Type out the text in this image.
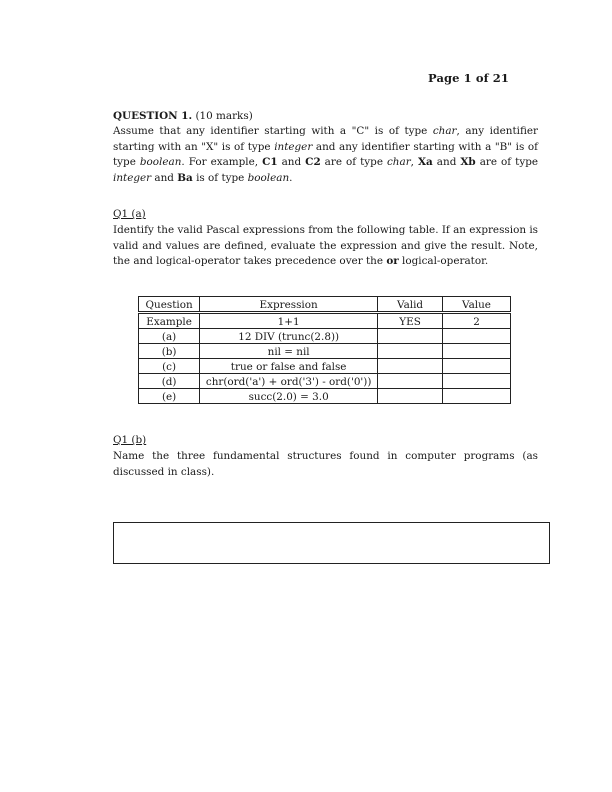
Page 1 of 21
QUESTION 1. (10 marks)
Assume that any identifier starting with a "C" is of type char, any identifier starting with an "X" is of type integer and any identifier starting with a "B" is of type boolean. For example, C1 and C2 are of type char, Xa and Xb are of type integer and Ba is of type boolean.
Q1 (a)
Identify the valid Pascal expressions from the following table. If an expression is valid and values are defined, evaluate the expression and give the result. Note, the and logical-operator takes precedence over the or logical-operator.
Question	Expression	Valid	Value
Example	1+1	YES	2
(a)	12 DIV (trunc(2.8))		
(b)	nil = nil		
(c)	true or false and false		
(d)	chr(ord('a') + ord('3') - ord('0'))		
(e)	succ(2.0) = 3.0		
Q1 (b)
Name the three fundamental structures found in computer programs (as discussed in class).
